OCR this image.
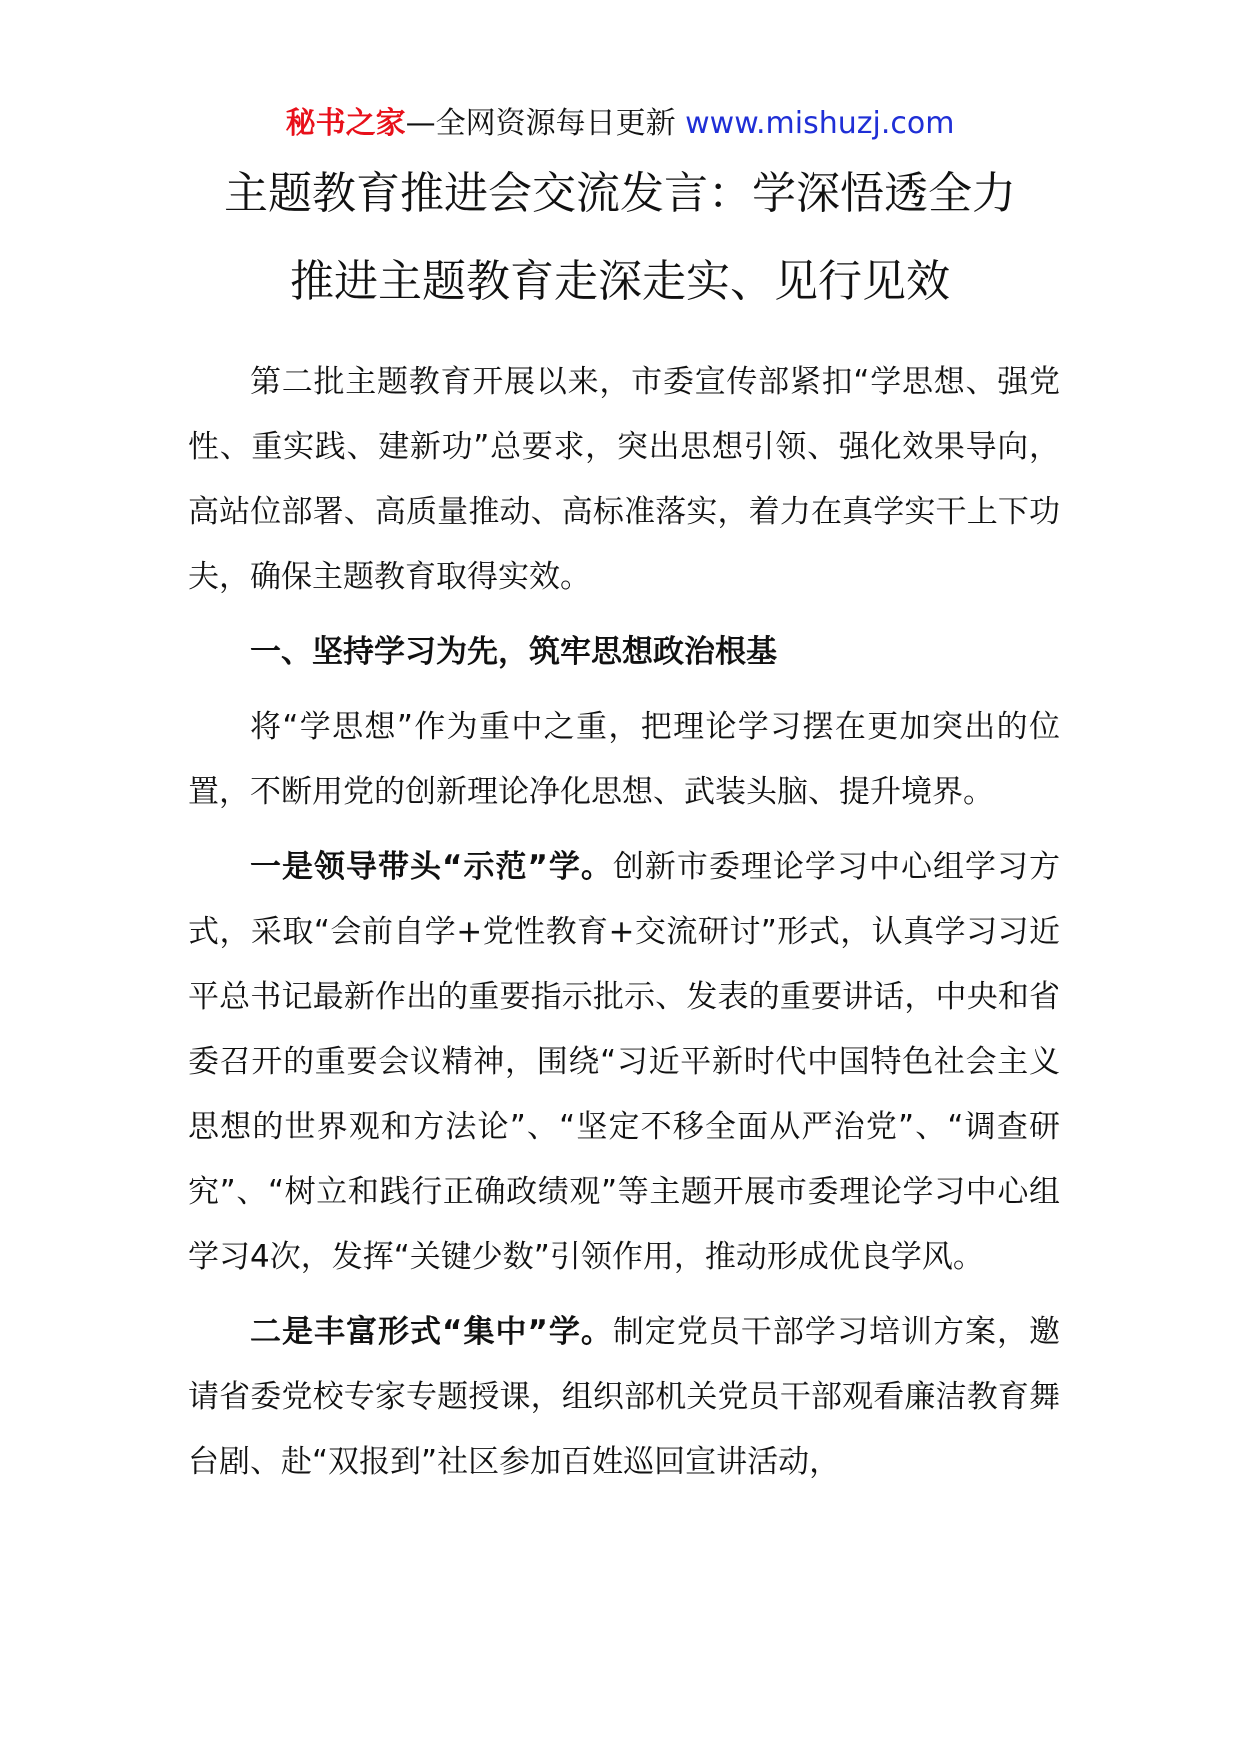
秘书之家—全网资源每日更新 www.mishuzj.com
主题教育推进会交流发言：学深悟透全力
推进主题教育走深走实、见行见效

第二批主题教育开展以来，市委宣传部紧扣“学思想、强党性、重实践、建新功”总要求，突出思想引领、强化效果导向，高站位部署、高质量推动、高标准落实，着力在真学实干上下功夫，确保主题教育取得实效。

一、坚持学习为先，筑牢思想政治根基

将“学思想”作为重中之重，把理论学习摆在更加突出的位置，不断用党的创新理论净化思想、武装头脑、提升境界。

一是领导带头“示范”学。创新市委理论学习中心组学习方式，采取“会前自学+党性教育+交流研讨”形式，认真学习习近平总书记最新作出的重要指示批示、发表的重要讲话，中央和省委召开的重要会议精神，围绕“习近平新时代中国特色社会主义思想的世界观和方法论”、“坚定不移全面从严治党”、“调查研究”、“树立和践行正确政绩观”等主题开展市委理论学习中心组学习4次，发挥“关键少数”引领作用，推动形成优良学风。

二是丰富形式“集中”学。制定党员干部学习培训方案，邀请省委党校专家专题授课，组织部机关党员干部观看廉洁教育舞台剧、赴“双报到”社区参加百姓巡回宣讲活动，
